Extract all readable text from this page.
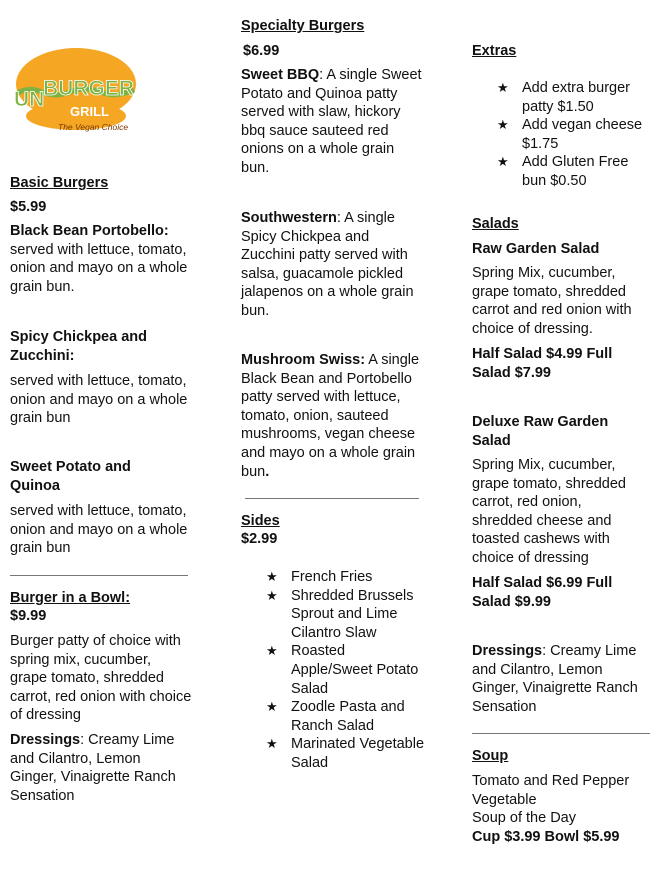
UN
BURGER
GRILL
The Vegan Choice
Basic Burgers
$5.99
Black Bean Portobello:
served with lettuce, tomato, onion and mayo on a whole grain bun.
Spicy Chickpea and Zucchini:
served with lettuce, tomato, onion and mayo on a whole grain bun
Sweet Potato and Quinoa
served with lettuce, tomato, onion and mayo on a whole grain bun
Burger in a Bowl:
$9.99
Burger patty of choice with spring mix, cucumber, grape tomato, shredded carrot, red onion with choice of dressing
Dressings: Creamy Lime and Cilantro, Lemon Ginger, Vinaigrette Ranch Sensation
Specialty Burgers
$6.99
Sweet BBQ: A single Sweet Potato and Quinoa patty served with slaw, hickory bbq sauce sauteed red onions on a whole grain bun.
Southwestern: A single Spicy Chickpea and Zucchini patty served with salsa, guacamole pickled jalapenos on a whole grain bun.
Mushroom Swiss: A single Black Bean and Portobello patty served with lettuce, tomato, onion, sauteed mushrooms, vegan cheese and mayo on a whole grain bun.
Sides
$2.99
★ French Fries
★ Shredded Brussels Sprout and Lime Cilantro Slaw
★ Roasted Apple/Sweet Potato Salad
★ Zoodle Pasta and Ranch Salad
★ Marinated Vegetable Salad
Extras
★ Add extra burger patty $1.50
★ Add vegan cheese $1.75
★ Add Gluten Free bun $0.50
Salads
Raw Garden Salad
Spring Mix, cucumber, grape tomato, shredded carrot and red onion with choice of dressing.
Half Salad $4.99 Full Salad $7.99
Deluxe Raw Garden Salad
Spring Mix, cucumber, grape tomato, shredded carrot, red onion, shredded cheese and toasted cashews with choice of dressing
Half Salad $6.99 Full Salad $9.99
Dressings: Creamy Lime and Cilantro, Lemon Ginger, Vinaigrette Ranch Sensation
Soup
Tomato and Red Pepper
Vegetable
Soup of the Day
Cup $3.99 Bowl $5.99
